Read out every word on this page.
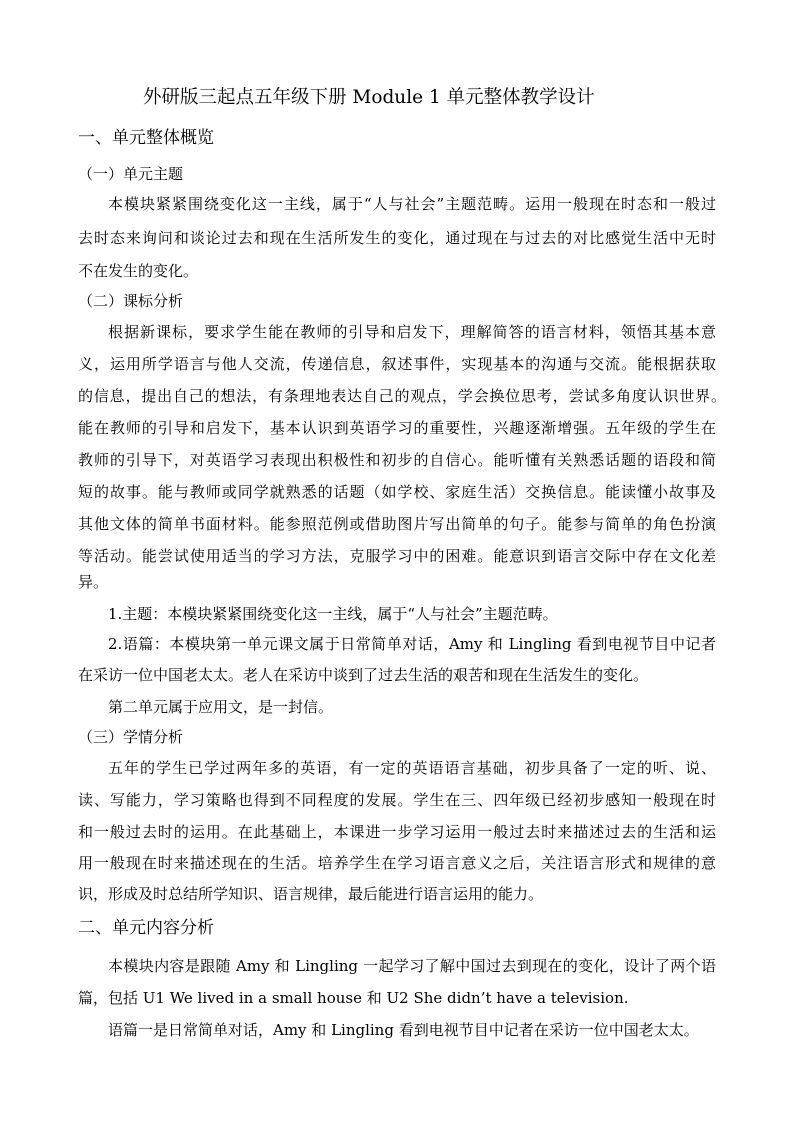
外研版三起点五年级下册 Module 1 单元整体教学设计
一、单元整体概览
（一）单元主题
本模块紧紧围绕变化这一主线，属于“人与社会”主题范畴。运用一般现在时态和一般过
去时态来询问和谈论过去和现在生活所发生的变化，通过现在与过去的对比感觉生活中无时
不在发生的变化。
（二）课标分析
根据新课标，要求学生能在教师的引导和启发下，理解简答的语言材料，领悟其基本意
义，运用所学语言与他人交流，传递信息，叙述事件，实现基本的沟通与交流。能根据获取
的信息，提出自己的想法，有条理地表达自己的观点，学会换位思考，尝试多角度认识世界。
能在教师的引导和启发下，基本认识到英语学习的重要性，兴趣逐渐增强。五年级的学生在
教师的引导下，对英语学习表现出积极性和初步的自信心。能听懂有关熟悉话题的语段和简
短的故事。能与教师或同学就熟悉的话题（如学校、家庭生活）交换信息。能读懂小故事及
其他文体的简单书面材料。能参照范例或借助图片写出简单的句子。能参与简单的角色扮演
等活动。能尝试使用适当的学习方法，克服学习中的困难。能意识到语言交际中存在文化差
异。
1.主题：本模块紧紧围绕变化这一主线，属于“人与社会”主题范畴。
2.语篇：本模块第一单元课文属于日常简单对话，Amy 和 Lingling 看到电视节目中记者
在采访一位中国老太太。老人在采访中谈到了过去生活的艰苦和现在生活发生的变化。
第二单元属于应用文，是一封信。
（三）学情分析
五年的学生已学过两年多的英语，有一定的英语语言基础，初步具备了一定的听、说、
读、写能力，学习策略也得到不同程度的发展。学生在三、四年级已经初步感知一般现在时
和一般过去时的运用。在此基础上，本课进一步学习运用一般过去时来描述过去的生活和运
用一般现在时来描述现在的生活。培养学生在学习语言意义之后，关注语言形式和规律的意
识，形成及时总结所学知识、语言规律，最后能进行语言运用的能力。
二、单元内容分析
本模块内容是跟随 Amy 和 Lingling 一起学习了解中国过去到现在的变化，设计了两个语
篇，包括 U1 We lived in a small house 和 U2 She didn’t have a television.
语篇一是日常简单对话，Amy 和 Lingling 看到电视节目中记者在采访一位中国老太太。
